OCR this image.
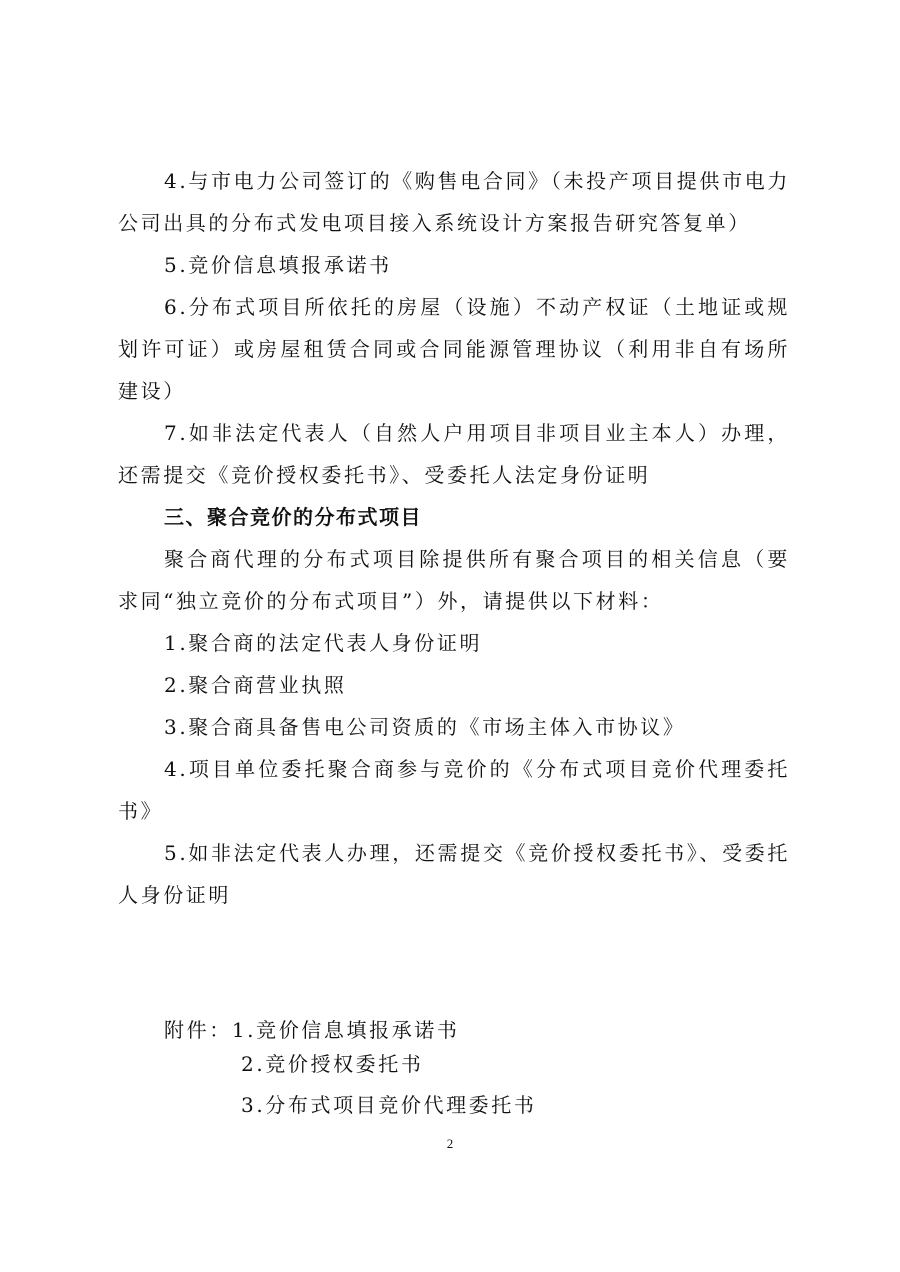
4.与市电力公司签订的《购售电合同》（未投产项目提供市电力公司出具的分布式发电项目接入系统设计方案报告研究答复单）

5.竞价信息填报承诺书

6.分布式项目所依托的房屋（设施）不动产权证（土地证或规划许可证）或房屋租赁合同或合同能源管理协议（利用非自有场所建设）

7.如非法定代表人（自然人户用项目非项目业主本人）办理，还需提交《竞价授权委托书》、受委托人法定身份证明

三、聚合竞价的分布式项目

聚合商代理的分布式项目除提供所有聚合项目的相关信息（要求同“独立竞价的分布式项目”）外，请提供以下材料：

1.聚合商的法定代表人身份证明

2.聚合商营业执照

3.聚合商具备售电公司资质的《市场主体入市协议》

4.项目单位委托聚合商参与竞价的《分布式项目竞价代理委托书》

5.如非法定代表人办理，还需提交《竞价授权委托书》、受委托人身份证明

附件：1.竞价信息填报承诺书
2.竞价授权委托书
3.分布式项目竞价代理委托书
2
